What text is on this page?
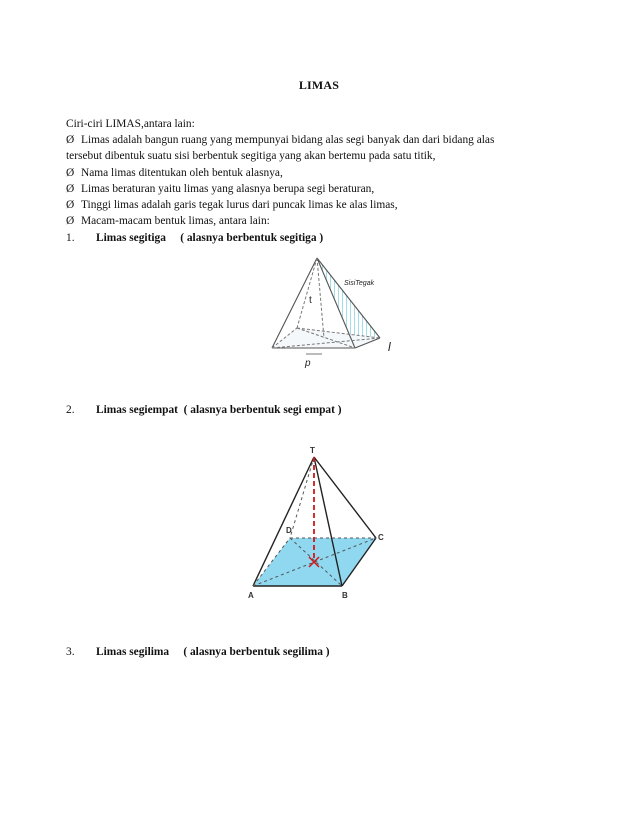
LIMAS
Ciri-ciri LIMAS,antara lain:
Ø Limas adalah bangun ruang yang mempunyai bidang alas segi banyak dan dari bidang alas
tersebut dibentuk suatu sisi berbentuk segitiga yang akan bertemu pada satu titik,
Ø Nama limas ditentukan oleh bentuk alasnya,
Ø Limas beraturan yaitu limas yang alasnya berupa segi beraturan,
Ø Tinggi limas adalah garis tegak lurus dari puncak limas ke alas limas,
Ø Macam-macam bentuk limas, antara lain:
1. Limas segitiga ( alasnya berbentuk segitiga )
SisiTegak
t
p
l
2. Limas segiempat ( alasnya berbentuk segi empat )
T
D
C
A	B
3. Limas segilima ( alasnya berbentuk segilima )
